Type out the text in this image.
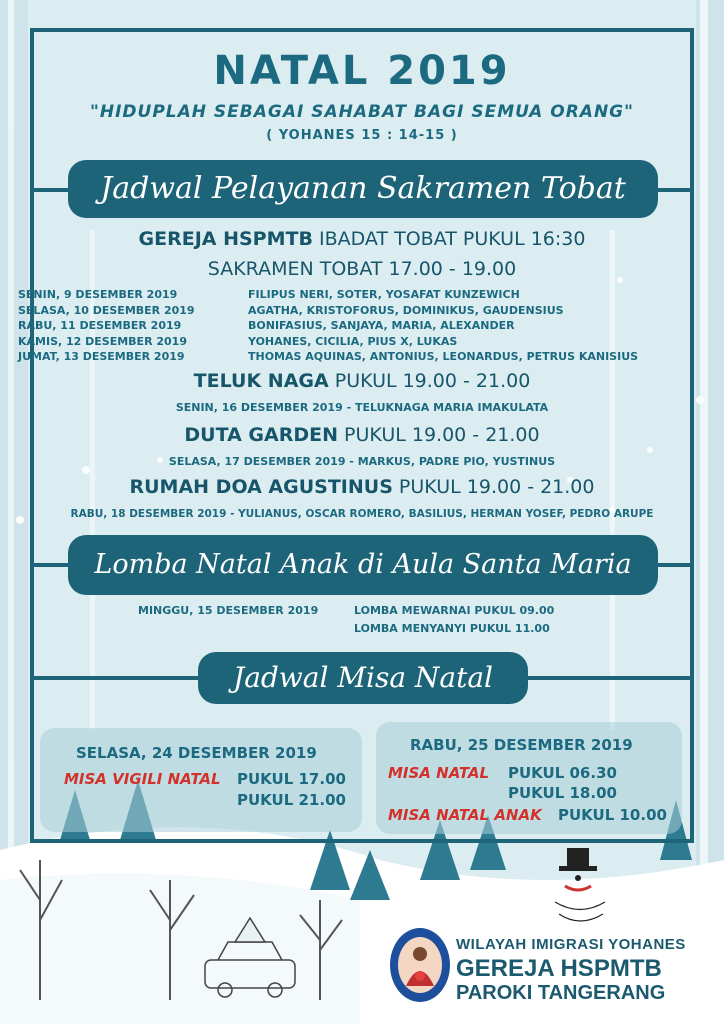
NATAL 2019
"HIDUPLAH SEBAGAI SAHABAT BAGI SEMUA ORANG"
( YOHANES 15 : 14-15 )
Jadwal Pelayanan Sakramen Tobat
GEREJA HSPMTB IBADAT TOBAT PUKUL 16:30
SAKRAMEN TOBAT 17.00 - 19.00
SENIN, 9 DESEMBER 2019
SELASA, 10 DESEMBER 2019
RABU, 11 DESEMBER 2019
KAMIS, 12 DESEMBER 2019
JUMAT, 13 DESEMBER 2019
FILIPUS NERI, SOTER, YOSAFAT KUNZEWICH
AGATHA, KRISTOFORUS, DOMINIKUS, GAUDENSIUS
BONIFASIUS, SANJAYA, MARIA, ALEXANDER
YOHANES, CICILIA, PIUS X, LUKAS
THOMAS AQUINAS, ANTONIUS, LEONARDUS, PETRUS KANISIUS
TELUK NAGA PUKUL 19.00 - 21.00
SENIN, 16 DESEMBER 2019 - TELUKNAGA MARIA IMAKULATA
DUTA GARDEN PUKUL 19.00 - 21.00
SELASA, 17 DESEMBER 2019 - MARKUS, PADRE PIO, YUSTINUS
RUMAH DOA AGUSTINUS PUKUL 19.00 - 21.00
RABU, 18 DESEMBER 2019 - YULIANUS, OSCAR ROMERO, BASILIUS, HERMAN YOSEF, PEDRO ARUPE
Lomba Natal Anak di Aula Santa Maria
MINGGU, 15 DESEMBER 2019	LOMBA MEWARNAI PUKUL 09.00
LOMBA MENYANYI PUKUL 11.00
Jadwal Misa Natal
SELASA, 24 DESEMBER 2019
MISA VIGILI NATAL PUKUL 17.00
PUKUL 21.00
RABU, 25 DESEMBER 2019
MISA NATAL PUKUL 06.30
PUKUL 18.00
MISA NATAL ANAK PUKUL 10.00
WILAYAH IMIGRASI YOHANES
GEREJA HSPMTB
PAROKI TANGERANG
